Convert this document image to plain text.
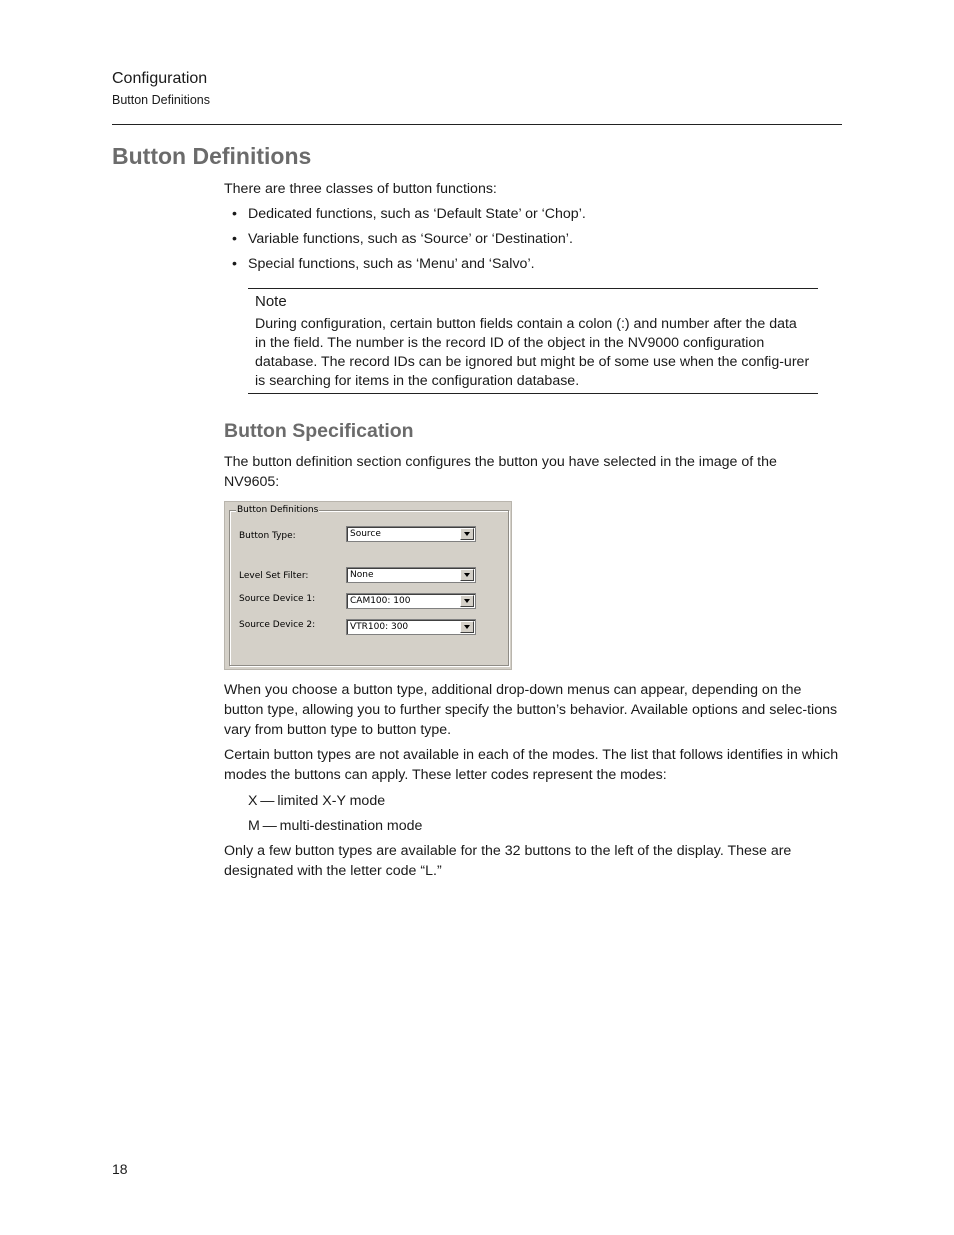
Configuration
Button Definitions
Button Definitions
There are three classes of button functions:
• Dedicated functions, such as ‘Default State’ or ‘Chop’.
• Variable functions, such as ‘Source’ or ‘Destination’.
• Special functions, such as ‘Menu’ and ‘Salvo’.
Note
During configuration, certain button fields contain a colon (:) and number after the data in the field. The number is the record ID of the object in the NV9000 configuration database. The record IDs can be ignored but might be of some use when the config-urer is searching for items in the configuration database.
Button Specification
The button definition section configures the button you have selected in the image of the NV9605:
Button Definitions
Button Type:	Source
Level Set Filter:	None
Source Device 1:	CAM100: 100
Source Device 2:	VTR100: 300
When you choose a button type, additional drop-down menus can appear, depending on the button type, allowing you to further specify the button’s behavior. Available options and selec-tions vary from button type to button type.
Certain button types are not available in each of the modes. The list that follows identifies in which modes the buttons can apply. These letter codes represent the modes:
X — limited X-Y mode
M — multi-destination mode
Only a few button types are available for the 32 buttons to the left of the display. These are designated with the letter code “L.”
18
